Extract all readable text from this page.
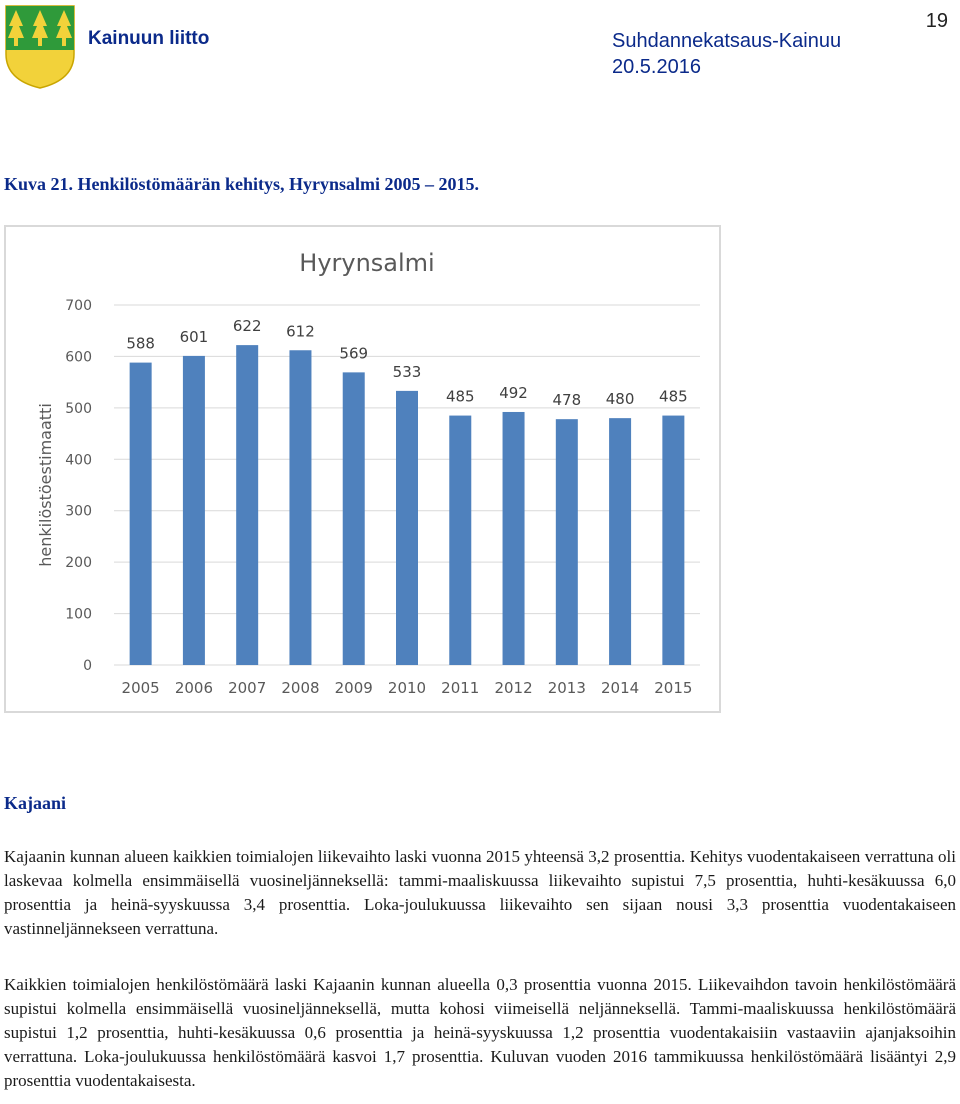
Kainuun liitto	Suhdannekatsaus-Kainuu
20.5.2016
19
Kuva 21. Henkilöstömäärän kehitys, Hyrynsalmi 2005 – 2015.
Hyrynsalmi
0
100
200
300
400
500
600
700
henkilöstöestimaatti
588
2005
601
2006
622
2007
612
2008
569
2009
533
2010
485
2011
492
2012
478
2013
480
2014
485
2015
Kajaani

Kajaanin kunnan alueen kaikkien toimialojen liikevaihto laski vuonna 2015 yhteensä 3,2 prosenttia. Kehitys vuodentakaiseen verrattuna oli laskevaa kolmella ensimmäisellä vuosineljänneksellä: tammi-maaliskuussa liikevaihto supistui 7,5 prosenttia, huhti-kesäkuussa 6,0 prosenttia ja heinä-syyskuussa 3,4 prosenttia. Loka-joulukuussa liikevaihto sen sijaan nousi 3,3 prosenttia vuodentakaiseen vastinneljännekseen verrattuna.

Kaikkien toimialojen henkilöstömäärä laski Kajaanin kunnan alueella 0,3 prosenttia vuonna 2015. Liikevaihdon tavoin henkilöstömäärä supistui kolmella ensimmäisellä vuosineljänneksellä, mutta kohosi viimeisellä neljänneksellä. Tammi-maaliskuussa henkilöstömäärä supistui 1,2 prosenttia, huhti-kesäkuussa 0,6 prosenttia ja heinä-syyskuussa 1,2 prosenttia vuodentakaisiin vastaaviin ajanjaksoihin verrattuna. Loka-joulukuussa henkilöstömäärä kasvoi 1,7 prosenttia. Kuluvan vuoden 2016 tammikuussa henkilöstömäärä lisääntyi 2,9 prosenttia vuodentakaisesta.
